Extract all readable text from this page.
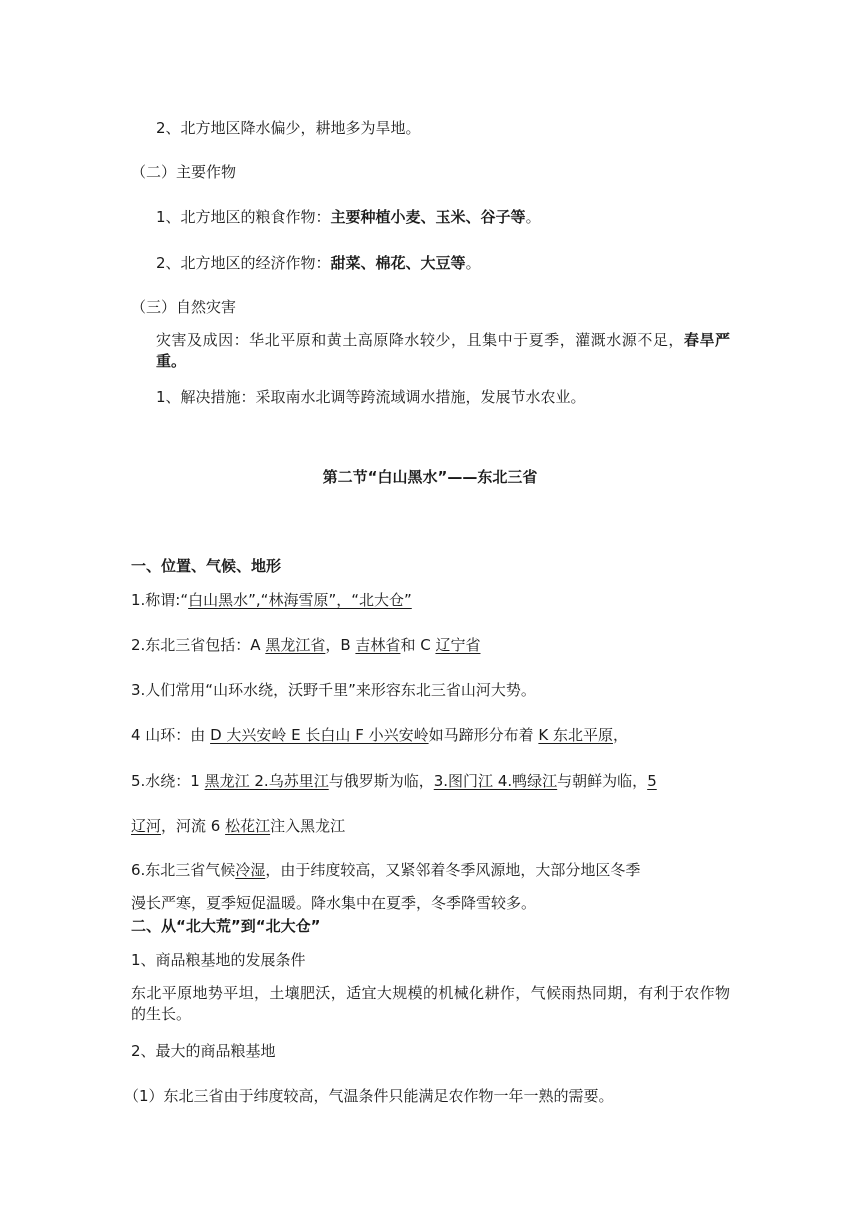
2、北方地区降水偏少，耕地多为旱地。
（二）主要作物
1、北方地区的粮食作物：主要种植小麦、玉米、谷子等。
2、北方地区的经济作物：甜菜、棉花、大豆等。
（三）自然灾害
灾害及成因：华北平原和黄土高原降水较少，且集中于夏季，灌溉水源不足，春旱严重。
1、解决措施：采取南水北调等跨流域调水措施，发展节水农业。
第二节“白山黑水”——东北三省
一、位置、气候、地形
1.称谓:“白山黑水”,“林海雪原”，“北大仓”
2.东北三省包括：A 黑龙江省，B 吉林省和 C 辽宁省
3.人们常用“山环水绕，沃野千里”来形容东北三省山河大势。
4 山环：由 D 大兴安岭 E 长白山 F 小兴安岭如马蹄形分布着 K 东北平原，
5.水绕：1 黑龙江 2.乌苏里江与俄罗斯为临，3.图门江 4.鸭绿江与朝鲜为临，5
辽河，河流 6 松花江注入黑龙江
6.东北三省气候冷湿，由于纬度较高，又紧邻着冬季风源地，大部分地区冬季
漫长严寒，夏季短促温暖。降水集中在夏季，冬季降雪较多。
二、从“北大荒”到“北大仓”
1、商品粮基地的发展条件
东北平原地势平坦，土壤肥沃，适宜大规模的机械化耕作，气候雨热同期，有利于农作物的生长。
2、最大的商品粮基地
（1）东北三省由于纬度较高，气温条件只能满足农作物一年一熟的需要。
